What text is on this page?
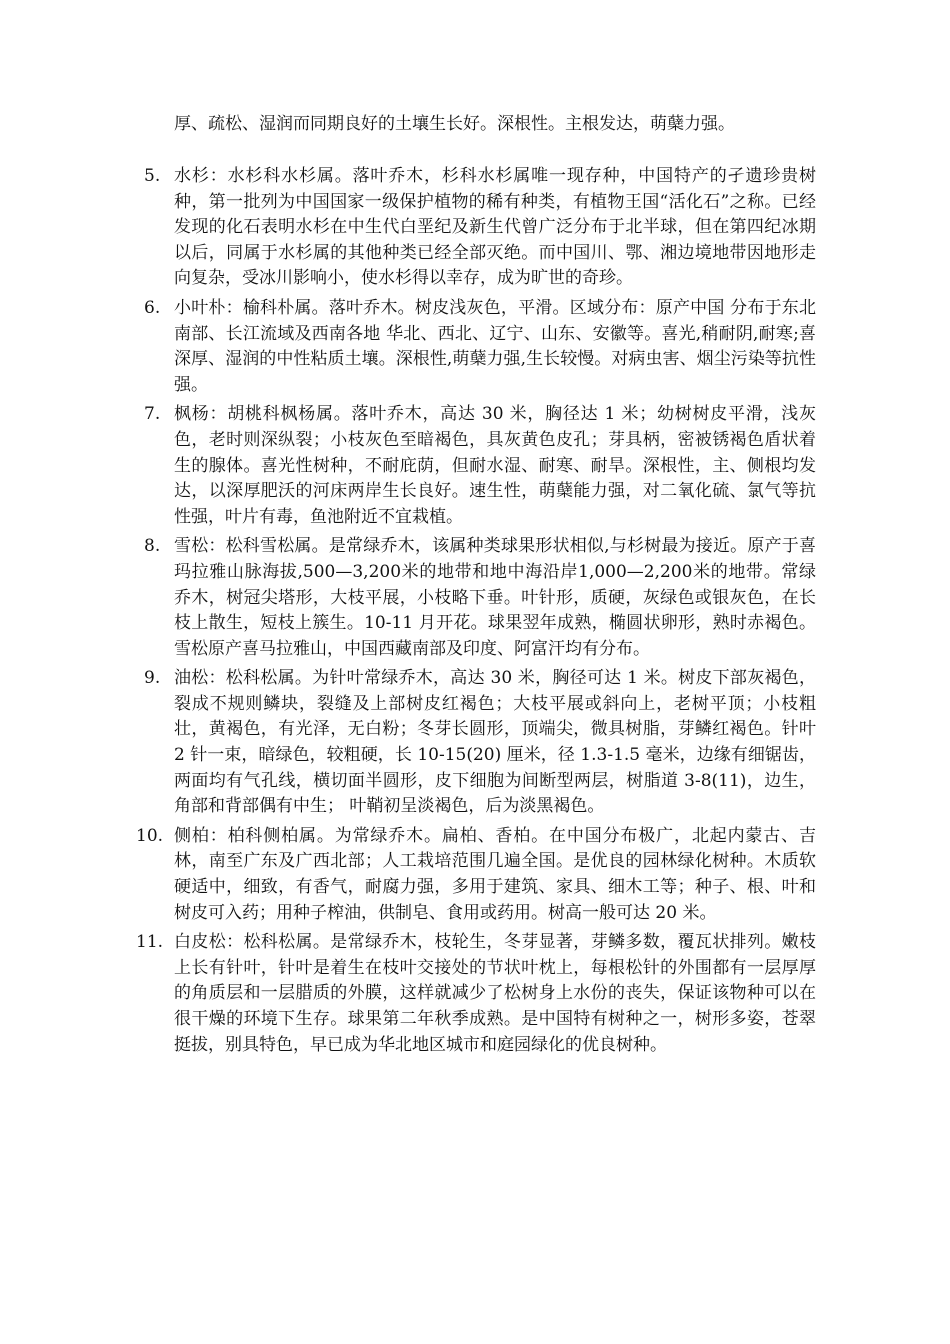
厚、疏松、湿润而同期良好的土壤生长好。深根性。主根发达，萌蘖力强。

5. 水杉：水杉科水杉属。落叶乔木，杉科水杉属唯一现存种，中国特产的孑遗珍贵树种，第一批列为中国国家一级保护植物的稀有种类，有植物王国“活化石”之称。已经发现的化石表明水杉在中生代白垩纪及新生代曾广泛分布于北半球，但在第四纪冰期以后，同属于水杉属的其他种类已经全部灭绝。而中国川、鄂、湘边境地带因地形走向复杂，受冰川影响小，使水杉得以幸存，成为旷世的奇珍。
6. 小叶朴：榆科朴属。落叶乔木。树皮浅灰色，平滑。区域分布：原产中国 分布于东北南部、长江流域及西南各地 华北、西北、辽宁、山东、安徽等。喜光,稍耐阴,耐寒;喜深厚、湿润的中性粘质土壤。深根性,萌蘖力强,生长较慢。对病虫害、烟尘污染等抗性强。
7. 枫杨：胡桃科枫杨属。落叶乔木，高达 30 米，胸径达 1 米；幼树树皮平滑，浅灰色，老时则深纵裂；小枝灰色至暗褐色，具灰黄色皮孔；芽具柄，密被锈褐色盾状着生的腺体。喜光性树种，不耐庇荫，但耐水湿、耐寒、耐旱。深根性，主、侧根均发达，以深厚肥沃的河床两岸生长良好。速生性，萌蘖能力强，对二氧化硫、氯气等抗性强，叶片有毒，鱼池附近不宜栽植。
8. 雪松：松科雪松属。是常绿乔木，该属种类球果形状相似,与杉树最为接近。原产于喜玛拉雅山脉海拔,500—3,200米的地带和地中海沿岸1,000—2,200米的地带。常绿乔木，树冠尖塔形，大枝平展，小枝略下垂。叶针形，质硬，灰绿色或银灰色，在长枝上散生，短枝上簇生。10-11 月开花。球果翌年成熟，椭圆状卵形，熟时赤褐色。雪松原产喜马拉雅山，中国西藏南部及印度、阿富汗均有分布。
9. 油松：松科松属。为针叶常绿乔木，高达 30 米，胸径可达 1 米。树皮下部灰褐色，裂成不规则鳞块，裂缝及上部树皮红褐色；大枝平展或斜向上，老树平顶；小枝粗壮，黄褐色，有光泽，无白粉；冬芽长圆形，顶端尖，微具树脂，芽鳞红褐色。针叶 2 针一束，暗绿色，较粗硬，长 10-15(20) 厘米，径 1.3-1.5 毫米，边缘有细锯齿，两面均有气孔线，横切面半圆形，皮下细胞为间断型两层，树脂道 3-8(11)，边生，角部和背部偶有中生； 叶鞘初呈淡褐色，后为淡黑褐色。
10. 侧柏：柏科侧柏属。为常绿乔木。扁柏、香柏。在中国分布极广，北起内蒙古、吉林，南至广东及广西北部；人工栽培范围几遍全国。是优良的园林绿化树种。木质软硬适中，细致，有香气，耐腐力强，多用于建筑、家具、细木工等；种子、根、叶和树皮可入药；用种子榨油，供制皂、食用或药用。树高一般可达 20 米。
11. 白皮松：松科松属。是常绿乔木，枝轮生，冬芽显著，芽鳞多数，覆瓦状排列。嫩枝上长有针叶，针叶是着生在枝叶交接处的节状叶枕上，每根松针的外围都有一层厚厚的角质层和一层腊质的外膜，这样就减少了松树身上水份的丧失，保证该物种可以在很干燥的环境下生存。球果第二年秋季成熟。是中国特有树种之一，树形多姿，苍翠挺拔，别具特色，早已成为华北地区城市和庭园绿化的优良树种。
